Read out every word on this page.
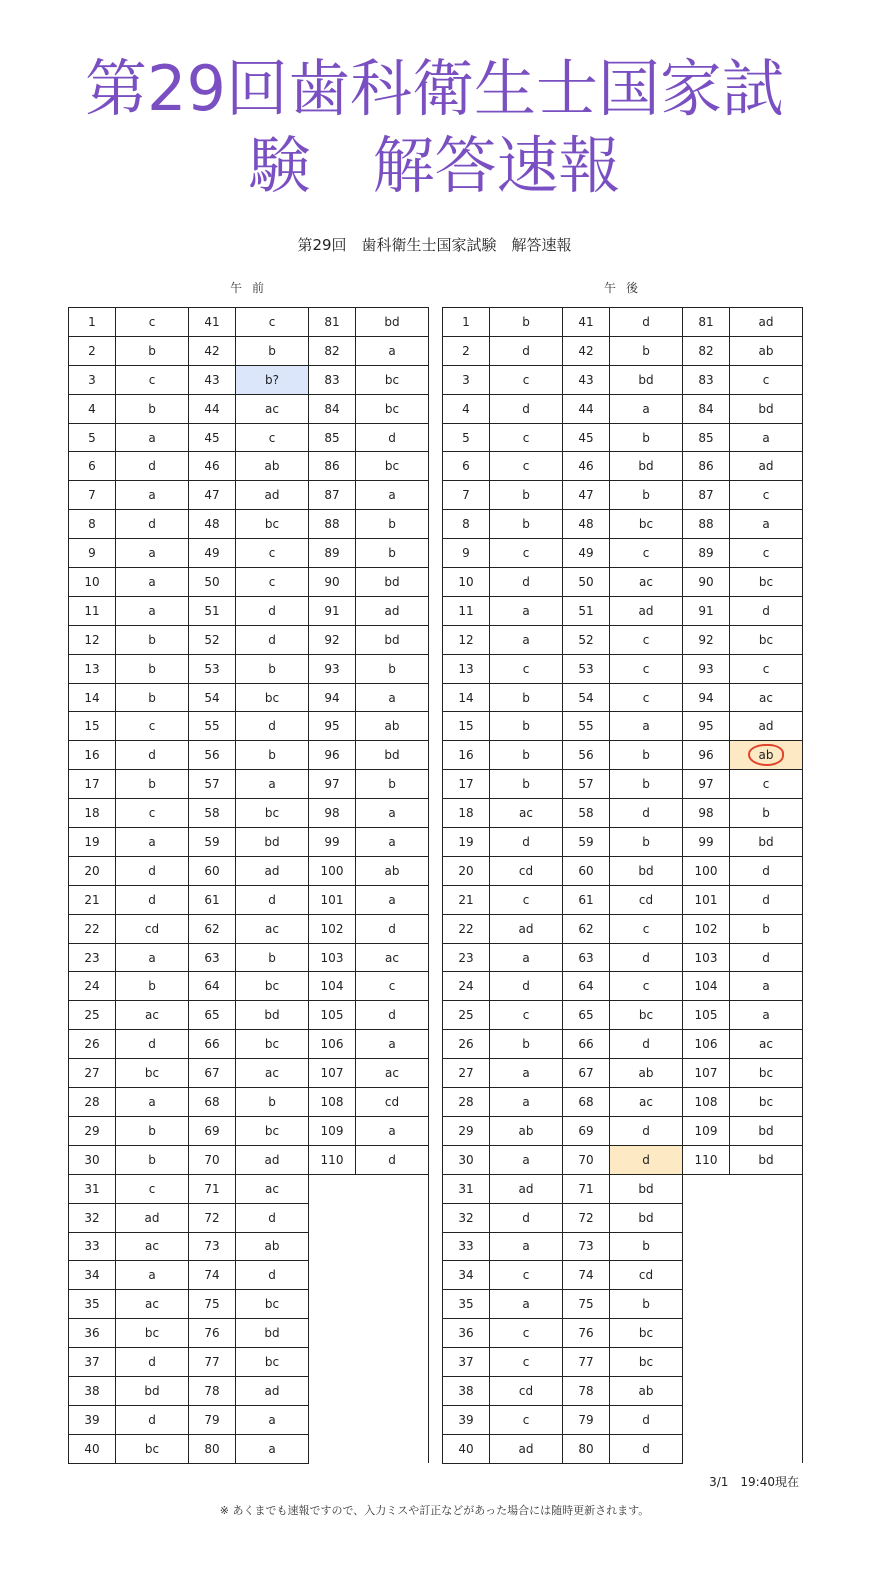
第29回歯科衛生士国家試
験　解答速報
第29回　歯科衛生士国家試験　解答速報
午前	午後
1	c	41	c	81	bd
2	b	42	b	82	a
3	c	43	b?	83	bc
4	b	44	ac	84	bc
5	a	45	c	85	d
6	d	46	ab	86	bc
7	a	47	ad	87	a
8	d	48	bc	88	b
9	a	49	c	89	b
10	a	50	c	90	bd
11	a	51	d	91	ad
12	b	52	d	92	bd
13	b	53	b	93	b
14	b	54	bc	94	a
15	c	55	d	95	ab
16	d	56	b	96	bd
17	b	57	a	97	b
18	c	58	bc	98	a
19	a	59	bd	99	a
20	d	60	ad	100	ab
21	d	61	d	101	a
22	cd	62	ac	102	d
23	a	63	b	103	ac
24	b	64	bc	104	c
25	ac	65	bd	105	d
26	d	66	bc	106	a
27	bc	67	ac	107	ac
28	a	68	b	108	cd
29	b	69	bc	109	a
30	b	70	ad	110	d
31	c	71	ac		
32	ad	72	d		
33	ac	73	ab		
34	a	74	d		
35	ac	75	bc		
36	bc	76	bd		
37	d	77	bc		
38	bd	78	ad		
39	d	79	a		
40	bc	80	a		
1	b	41	d	81	ad
2	d	42	b	82	ab
3	c	43	bd	83	c
4	d	44	a	84	bd
5	c	45	b	85	a
6	c	46	bd	86	ad
7	b	47	b	87	c
8	b	48	bc	88	a
9	c	49	c	89	c
10	d	50	ac	90	bc
11	a	51	ad	91	d
12	a	52	c	92	bc
13	c	53	c	93	c
14	b	54	c	94	ac
15	b	55	a	95	ad
16	b	56	b	96	ab
17	b	57	b	97	c
18	ac	58	d	98	b
19	d	59	b	99	bd
20	cd	60	bd	100	d
21	c	61	cd	101	d
22	ad	62	c	102	b
23	a	63	d	103	d
24	d	64	c	104	a
25	c	65	bc	105	a
26	b	66	d	106	ac
27	a	67	ab	107	bc
28	a	68	ac	108	bc
29	ab	69	d	109	bd
30	a	70	d	110	bd
31	ad	71	bd		
32	d	72	bd		
33	a	73	b		
34	c	74	cd		
35	a	75	b		
36	c	76	bc		
37	c	77	bc		
38	cd	78	ab		
39	c	79	d		
40	ad	80	d		
3/1　19:40現在
※ あくまでも速報ですので、入力ミスや訂正などがあった場合には随時更新されます。
